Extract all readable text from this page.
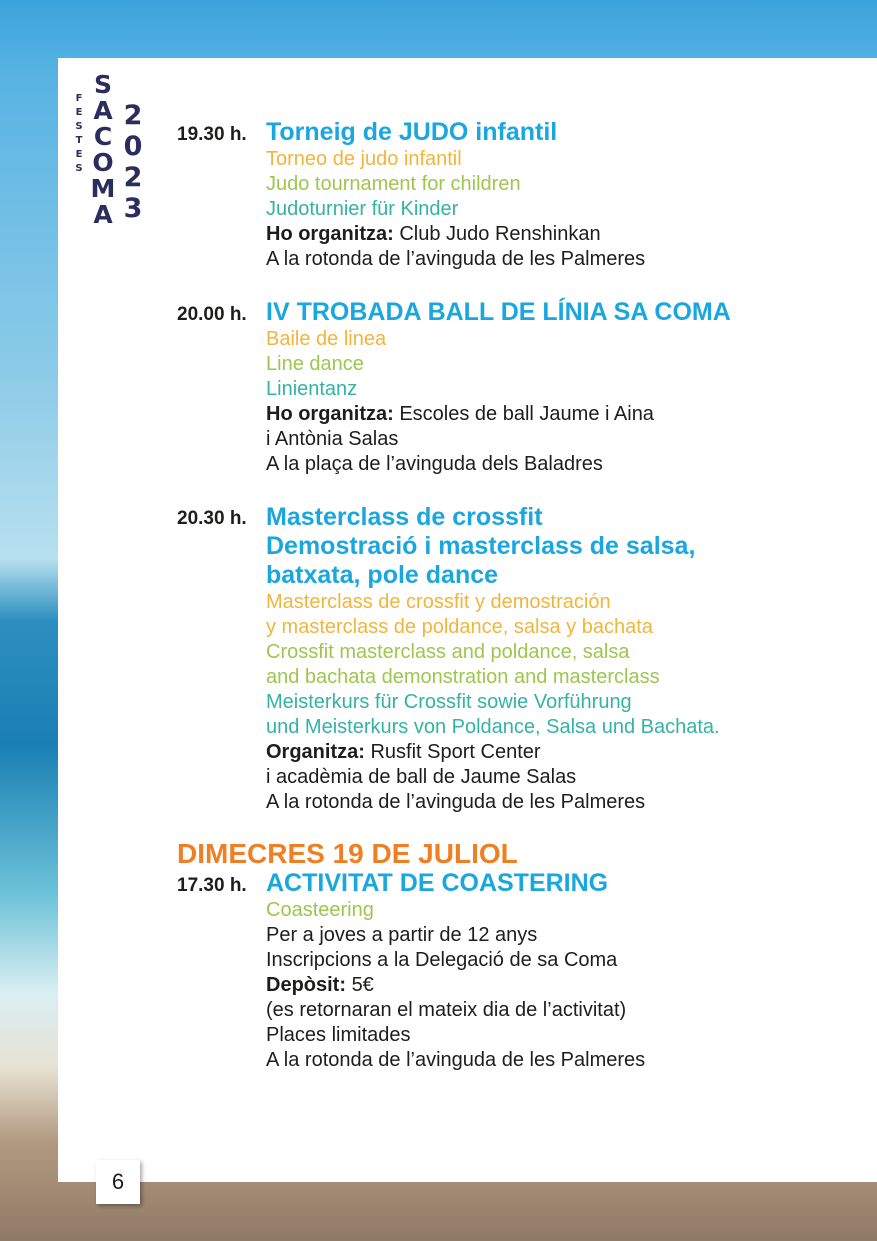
FESTES
SACOMA
2023
19.30 h. Torneig de JUDO infantil
Torneo de judo infantil
Judo tournament for children
Judoturnier für Kinder
Ho organitza: Club Judo Renshinkan
A la rotonda de l’avinguda de les Palmeres
20.00 h. IV TROBADA BALL DE LÍNIA SA COMA
Baile de linea
Line dance
Linientanz
Ho organitza: Escoles de ball Jaume i Aina
i Antònia Salas
A la plaça de l’avinguda dels Baladres
20.30 h. Masterclass de crossfit
Demostració i masterclass de salsa,
batxata, pole dance
Masterclass de crossfit y demostración
y masterclass de poldance, salsa y bachata
Crossfit masterclass and poldance, salsa
and bachata demonstration and masterclass
Meisterkurs für Crossfit sowie Vorführung
und Meisterkurs von Poldance, Salsa und Bachata.
Organitza: Rusfit Sport Center
i acadèmia de ball de Jaume Salas
A la rotonda de l’avinguda de les Palmeres
DIMECRES 19 DE JULIOL
17.30 h. ACTIVITAT DE COASTERING
Coasteering
Per a joves a partir de 12 anys
Inscripcions a la Delegació de sa Coma
Depòsit: 5€
(es retornaran el mateix dia de l’activitat)
Places limitades
A la rotonda de l’avinguda de les Palmeres
6
